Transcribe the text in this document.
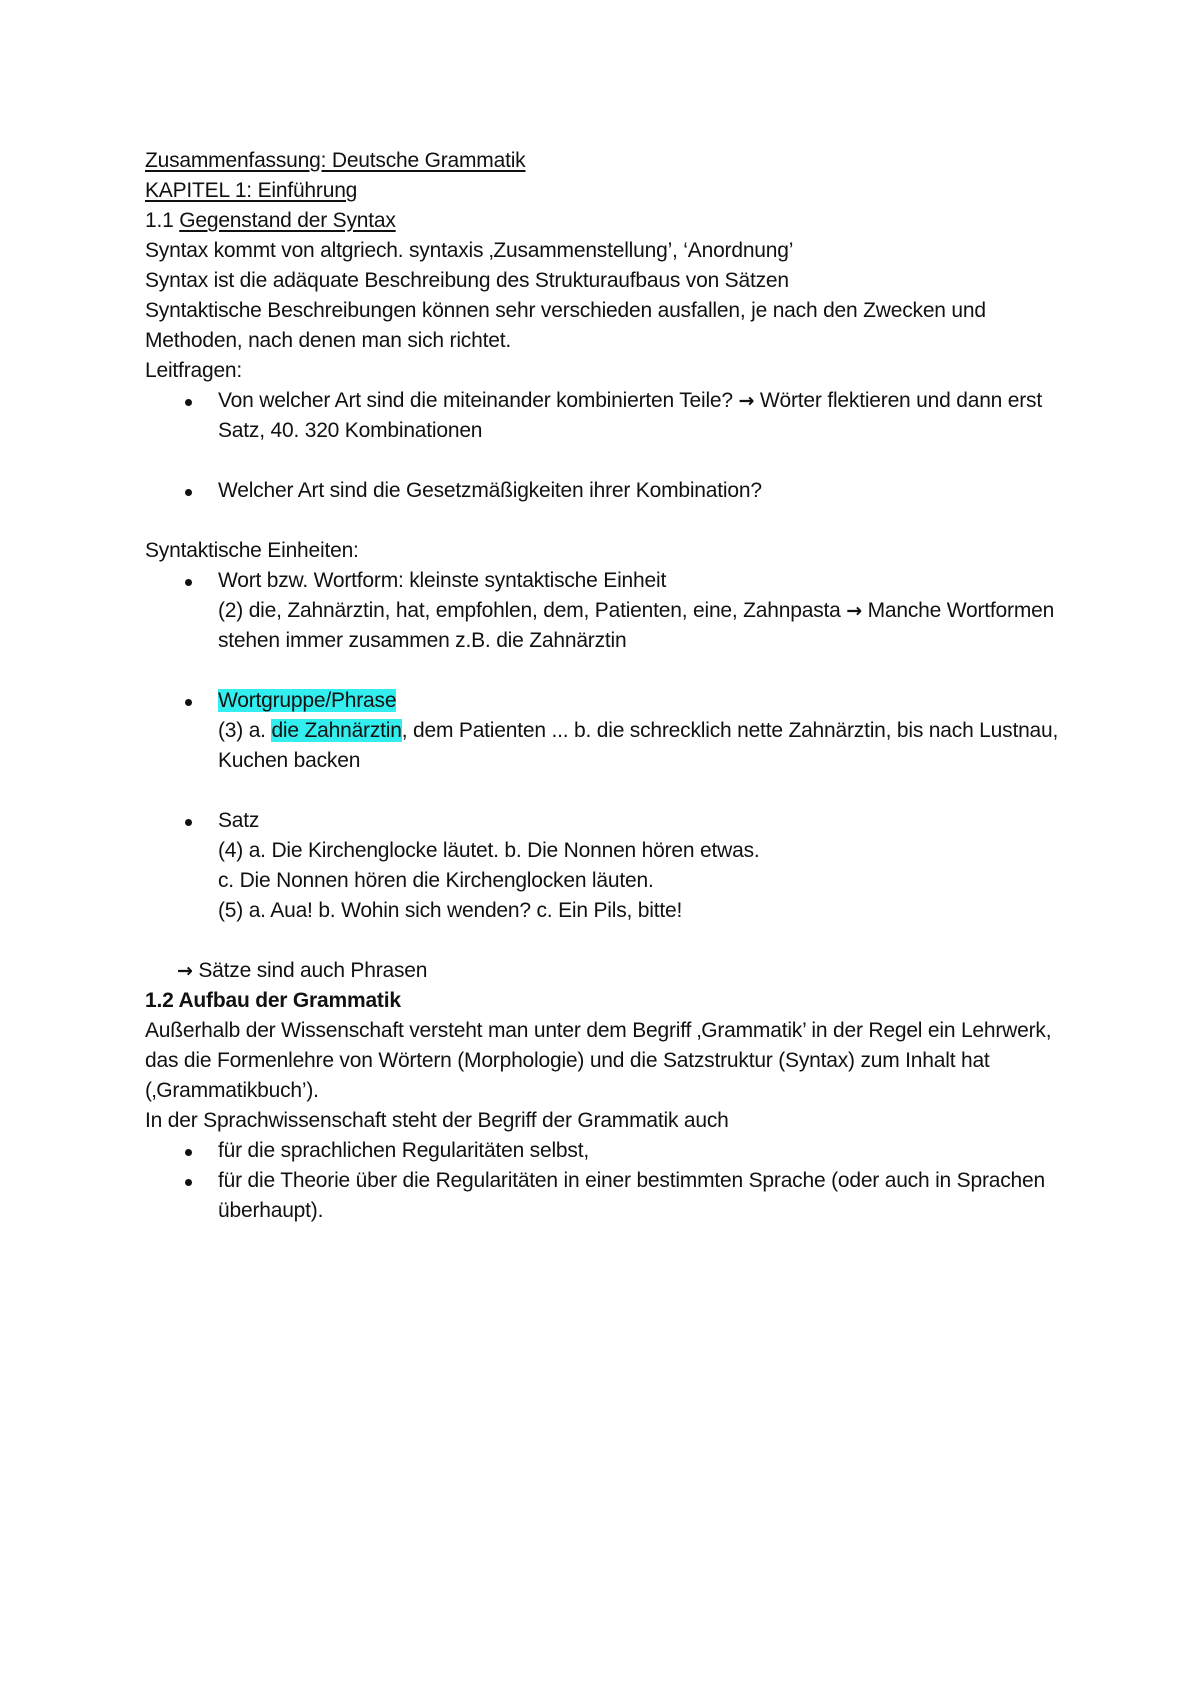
Zusammenfassung: Deutsche Grammatik

KAPITEL 1: Einführung

1.1 Gegenstand der Syntax

Syntax kommt von altgriech. syntaxis ‚Zusammenstellung’, ‘Anordnung’

Syntax ist die adäquate Beschreibung des Strukturaufbaus von Sätzen

Syntaktische Beschreibungen können sehr verschieden ausfallen, je nach den Zwecken und Methoden, nach denen man sich richtet.

Leitfragen:

Von welcher Art sind die miteinander kombinierten Teile? → Wörter flektieren und dann erst Satz, 40. 320 Kombinationen
Welcher Art sind die Gesetzmäßigkeiten ihrer Kombination?

Syntaktische Einheiten:

Wort bzw. Wortform: kleinste syntaktische Einheit
(2) die, Zahnärztin, hat, empfohlen, dem, Patienten, eine, Zahnpasta → Manche Wortformen stehen immer zusammen z.B. die Zahnärztin
Wortgruppe/Phrase
(3) a. die Zahnärztin, dem Patienten ... b. die schrecklich nette Zahnärztin, bis nach Lustnau, Kuchen backen
Satz
(4) a. Die Kirchenglocke läutet. b. Die Nonnen hören etwas.
c. Die Nonnen hören die Kirchenglocken läuten.
(5) a. Aua! b. Wohin sich wenden? c. Ein Pils, bitte!

→ Sätze sind auch Phrasen

1.2 Aufbau der Grammatik

Außerhalb der Wissenschaft versteht man unter dem Begriff ‚Grammatik’ in der Regel ein Lehrwerk, das die Formenlehre von Wörtern (Morphologie) und die Satzstruktur (Syntax) zum Inhalt hat (‚Grammatikbuch’).

In der Sprachwissenschaft steht der Begriff der Grammatik auch

für die sprachlichen Regularitäten selbst,
für die Theorie über die Regularitäten in einer bestimmten Sprache (oder auch in Sprachen überhaupt).
